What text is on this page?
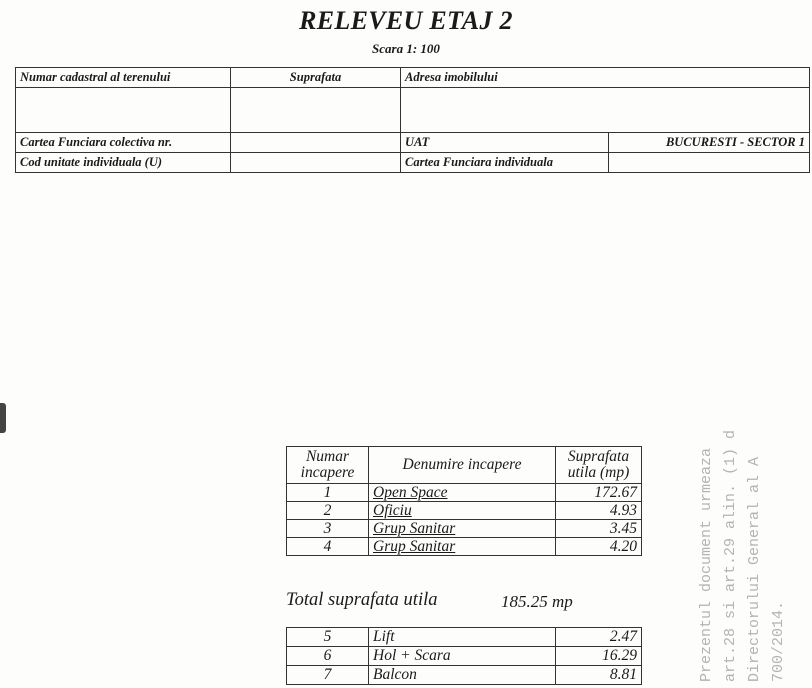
RELEVEU ETAJ 2
Scara 1: 100
Numar cadastral al terenului	Suprafata	Adresa imobilului	

Cartea Funciara colectiva nr.		UAT	BUCURESTI - SECTOR 1
Cod unitate individuala (U)		Cartea Funciara individuala	
Numar incapere	Denumire incapere	Suprafata utila (mp)
1	Open Space	172.67
2	Oficiu	4.93
3	Grup Sanitar	3.45
4	Grup Sanitar	4.20
Total suprafata utila	185.25 mp
5	Lift	2.47
6	Hol + Scara	16.29
7	Balcon	8.81	Prezentul document urmeaza art.28 si art.29 alin. (1) d Directorului General al A 700/2014.
